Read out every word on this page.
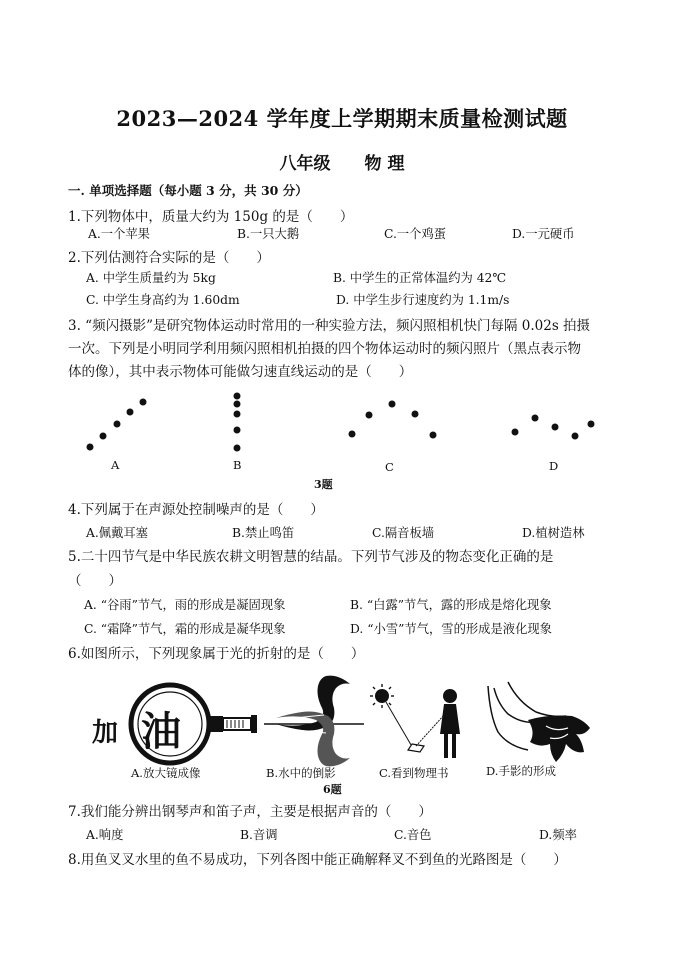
2023—2024 学年度上学期期末质量检测试题
八年级 物 理
一. 单项选择题（每小题 3 分，共 30 分）
1.下列物体中，质量大约为 150g 的是（　　）
A.一个苹果	B.一只大鹅	C.一个鸡蛋	D.一元硬币
2.下列估测符合实际的是（　　）
A. 中学生质量约为 5kg	B. 中学生的正常体温约为 42℃
C. 中学生身高约为 1.60dm	D. 中学生步行速度约为 1.1m/s
3. “频闪摄影”是研究物体运动时常用的一种实验方法，频闪照相机快门每隔 0.02s 拍摄
一次。下列是小明同学利用频闪照相机拍摄的四个物体运动时的频闪照片（黑点表示物
体的像），其中表示物体可能做匀速直线运动的是（　　）
A	B	C	D
3题
4.下列属于在声源处控制噪声的是（　　）
A.佩戴耳塞	B.禁止鸣笛	C.隔音板墙	D.植树造林
5.二十四节气是中华民族农耕文明智慧的结晶。下列节气涉及的物态变化正确的是
（　　）
A. “谷雨”节气，雨的形成是凝固现象	B. “白露”节气，露的形成是熔化现象
C. “霜降”节气，霜的形成是凝华现象	D. “小雪”节气，雪的形成是液化现象
6.如图所示，下列现象属于光的折射的是（　　）
加 油
A.放大镜成像	B.水中的倒影	C.看到物理书	D.手影的形成
6题
7.我们能分辨出钢琴声和笛子声，主要是根据声音的（　　）
A.响度	B.音调	C.音色	D.频率
8.用鱼叉叉水里的鱼不易成功，下列各图中能正确解释叉不到鱼的光路图是（　　）
